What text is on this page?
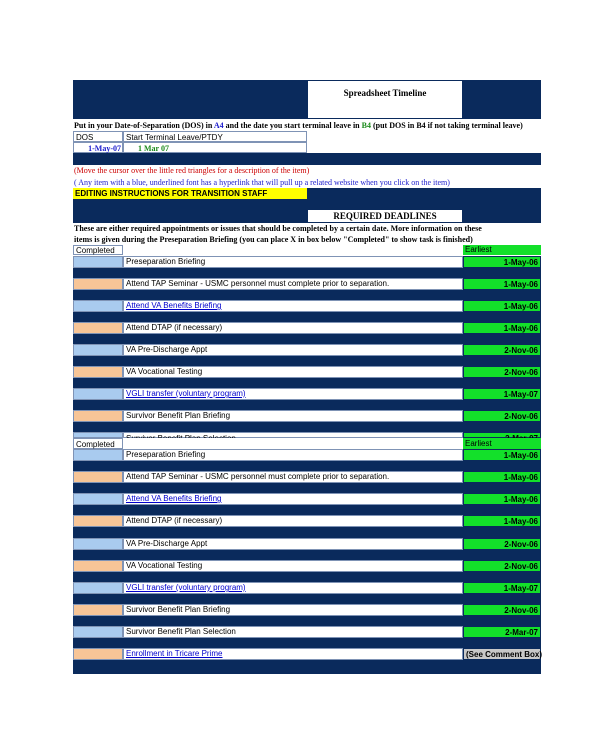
Spreadsheet Timeline
Put in your Date-of-Separation (DOS) in A4 and the date you start terminal leave in B4 (put DOS in B4 if not taking terminal leave)
DOS	Start Terminal Leave/PTDY
1-May-07	1 Mar 07
(Move the cursor over the little red triangles for a description of the item)
( Any item with a blue, underlined font has a hyperlink that will pull up a related website when you click on the item)
EDITING INSTRUCTIONS FOR TRANSITION STAFF
REQUIRED DEADLINES
These are either required appointments or issues that should be completed by a certain date. More information on these
items is given during the Preseparation Briefing (you can place X in box below "Completed" to show task is finished)
Completed	Earliest
Preseparation Briefing	1-May-06
Attend TAP Seminar - USMC personnel must complete prior to separation.	1-May-06
Attend VA Benefits Briefing	1-May-06
Attend DTAP (if necessary)	1-May-06
VA Pre-Discharge Appt	2-Nov-06
VA Vocational Testing	2-Nov-06
VGLI transfer (voluntary program)	1-May-07
Survivor Benefit Plan Briefing	2-Nov-06
Completed	Earliest
Preseparation Briefing	1-May-06
Attend TAP Seminar - USMC personnel must complete prior to separation.	1-May-06
Attend VA Benefits Briefing	1-May-06
Attend DTAP (if necessary)	1-May-06
VA Pre-Discharge Appt	2-Nov-06
VA Vocational Testing	2-Nov-06
VGLI transfer (voluntary program)	1-May-07
Survivor Benefit Plan Briefing	2-Nov-06
Survivor Benefit Plan Selection	2-Mar-07
Enrollment in Tricare Prime	(See Comment Box)
